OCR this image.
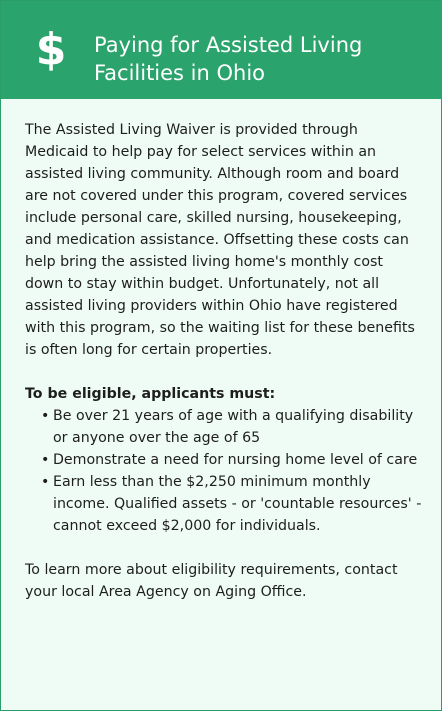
$ Paying for Assisted Living Facilities in Ohio

The Assisted Living Waiver is provided through Medicaid to help pay for select services within an assisted living community. Although room and board are not covered under this program, covered services include personal care, skilled nursing, housekeeping, and medication assistance. Offsetting these costs can help bring the assisted living home's monthly cost down to stay within budget. Unfortunately, not all assisted living providers within Ohio have registered with this program, so the waiting list for these benefits is often long for certain properties.

To be eligible, applicants must:

• Be over 21 years of age with a qualifying disability or anyone over the age of 65
• Demonstrate a need for nursing home level of care
• Earn less than the $2,250 minimum monthly income. Qualified assets - or 'countable resources' - cannot exceed $2,000 for individuals.

To learn more about eligibility requirements, contact your local Area Agency on Aging Office.
